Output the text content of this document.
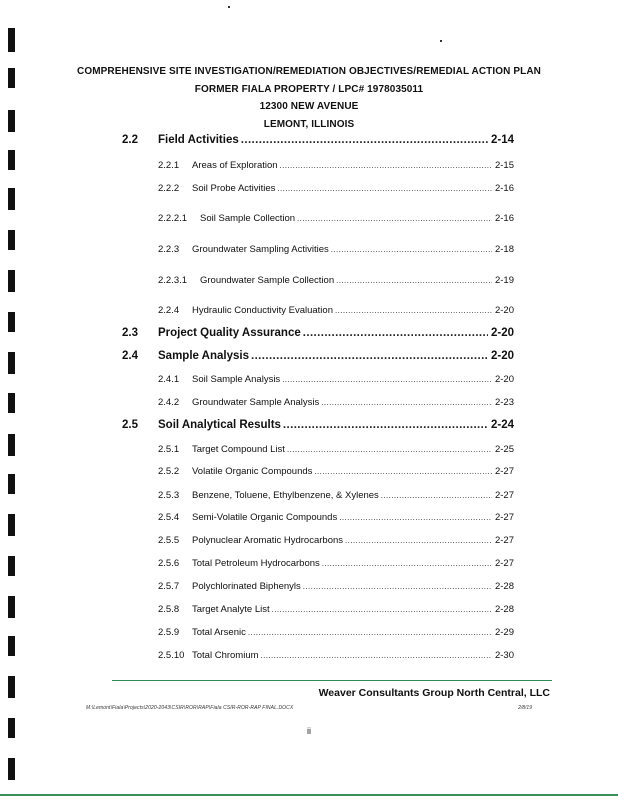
COMPREHENSIVE SITE INVESTIGATION/REMEDIATION OBJECTIVES/REMEDIAL ACTION PLAN
FORMER FIALA PROPERTY / LPC# 1978035011
12300 NEW AVENUE
LEMONT, ILLINOIS
2.2	Field Activities .....	2-14
2.2.1	Areas of Exploration .....	2-15
2.2.2	Soil Probe Activities .....	2-16
2.2.2.1	Soil Sample Collection .....	2-16
2.2.3	Groundwater Sampling Activities .....	2-18
2.2.3.1	Groundwater Sample Collection .....	2-19
2.2.4	Hydraulic Conductivity Evaluation .....	2-20
2.3	Project Quality Assurance .....	2-20
2.4	Sample Analysis .....	2-20
2.4.1	Soil Sample Analysis .....	2-20
2.4.2	Groundwater Sample Analysis .....	2-23
2.5	Soil Analytical Results .....	2-24
2.5.1	Target Compound List .....	2-25
2.5.2	Volatile Organic Compounds .....	2-27
2.5.3	Benzene, Toluene, Ethylbenzene, & Xylenes .....	2-27
2.5.4	Semi-Volatile Organic Compounds .....	2-27
2.5.5	Polynuclear Aromatic Hydrocarbons .....	2-27
2.5.6	Total Petroleum Hydrocarbons .....	2-27
2.5.7	Polychlorinated Biphenyls .....	2-28
2.5.8	Target Analyte List .....	2-28
2.5.9	Total Arsenic .....	2-29
2.5.10 Total Chromium .....	2-30
Weaver Consultants Group North Central, LLC
M:\Lemont\Fiala\Projects\2020-2043\CSIR\ROR\RAP\Fiala CSIR-ROR-RAP FINAL.DOCX	2/8/19
ii
